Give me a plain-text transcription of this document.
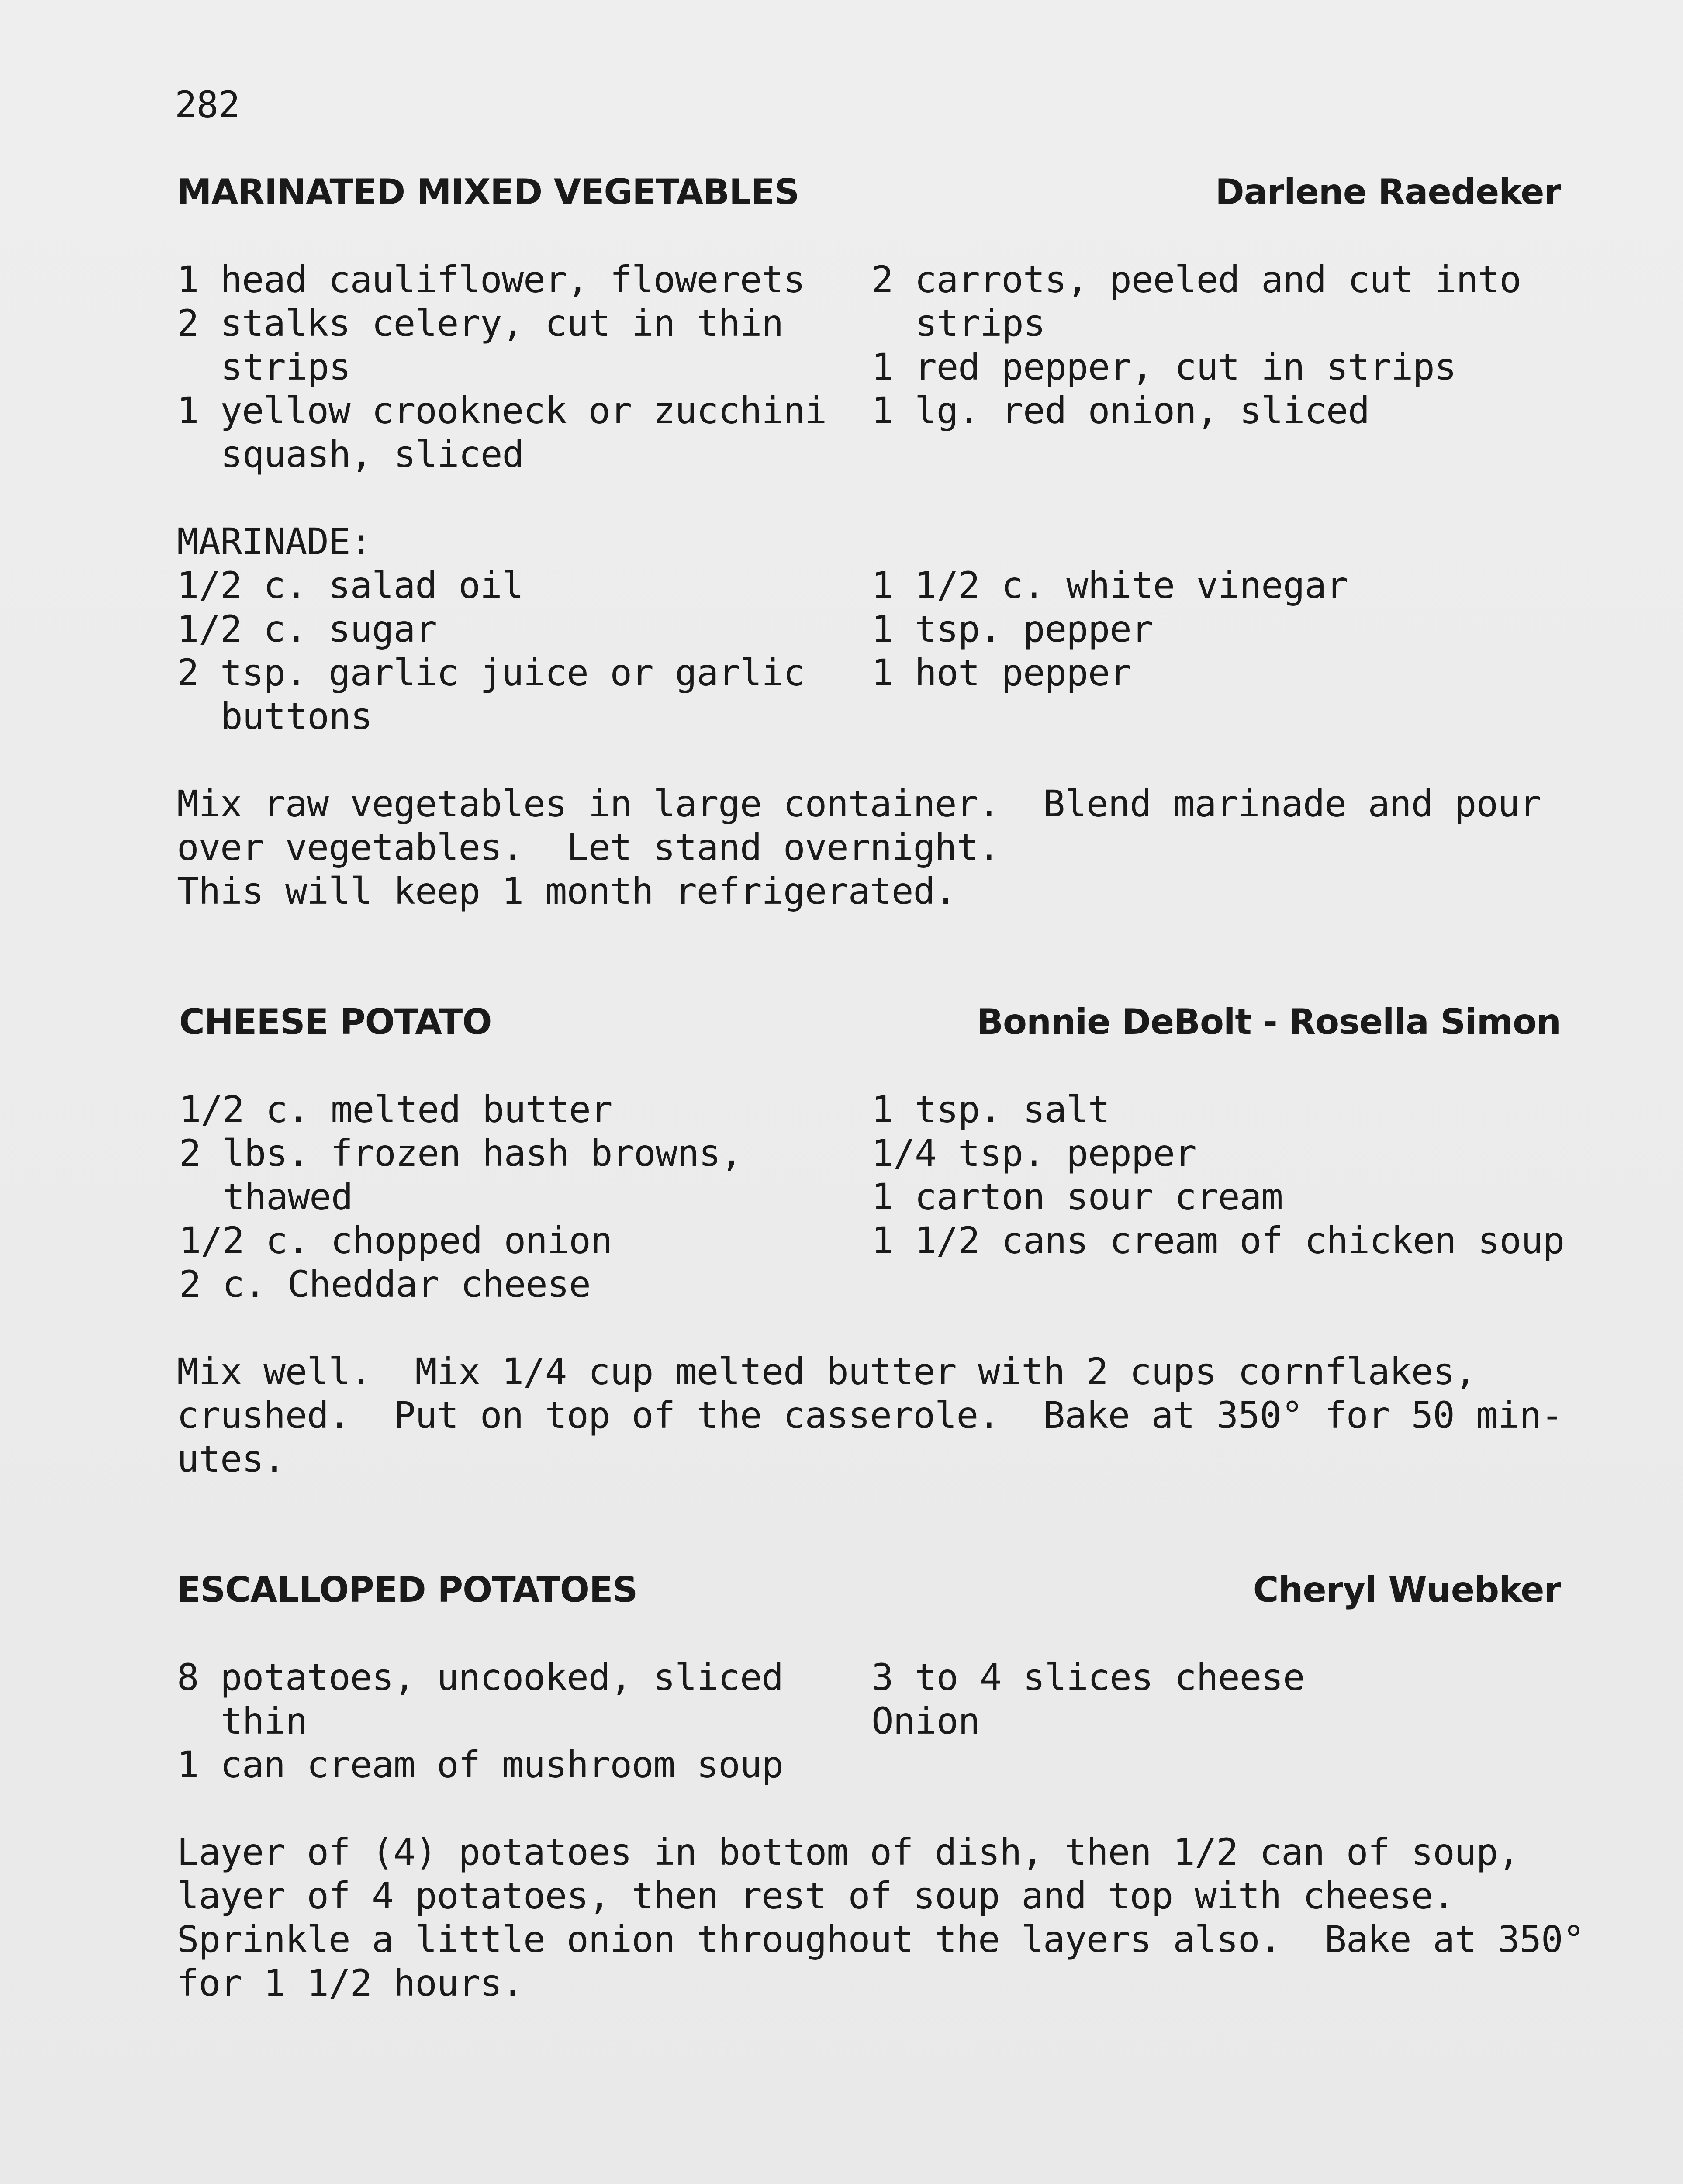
282
MARINATED MIXED VEGETABLES	Darlene Raedeker
1 head cauliflower, flowerets
2 stalks celery, cut in thin
strips
1 yellow crookneck or zucchini
squash, sliced
2 carrots, peeled and cut into
strips
1 red pepper, cut in strips
1 lg. red onion, sliced
MARINADE:
1/2 c. salad oil
1/2 c. sugar
2 tsp. garlic juice or garlic
buttons
1 1/2 c. white vinegar
1 tsp. pepper
1 hot pepper
Mix raw vegetables in large container.  Blend marinade and pour
over vegetables.  Let stand overnight.
This will keep 1 month refrigerated.
CHEESE POTATO	Bonnie DeBolt - Rosella Simon
1/2 c. melted butter
2 lbs. frozen hash browns,
thawed
1/2 c. chopped onion
2 c. Cheddar cheese
1 tsp. salt
1/4 tsp. pepper
1 carton sour cream
1 1/2 cans cream of chicken soup
Mix well.  Mix 1/4 cup melted butter with 2 cups cornflakes,
crushed.  Put on top of the casserole.  Bake at 350° for 50 min-
utes.
ESCALLOPED POTATOES	Cheryl Wuebker
8 potatoes, uncooked, sliced
thin
1 can cream of mushroom soup
3 to 4 slices cheese
Onion
Layer of (4) potatoes in bottom of dish, then 1/2 can of soup,
layer of 4 potatoes, then rest of soup and top with cheese.
Sprinkle a little onion throughout the layers also.  Bake at 350°
for 1 1/2 hours.
